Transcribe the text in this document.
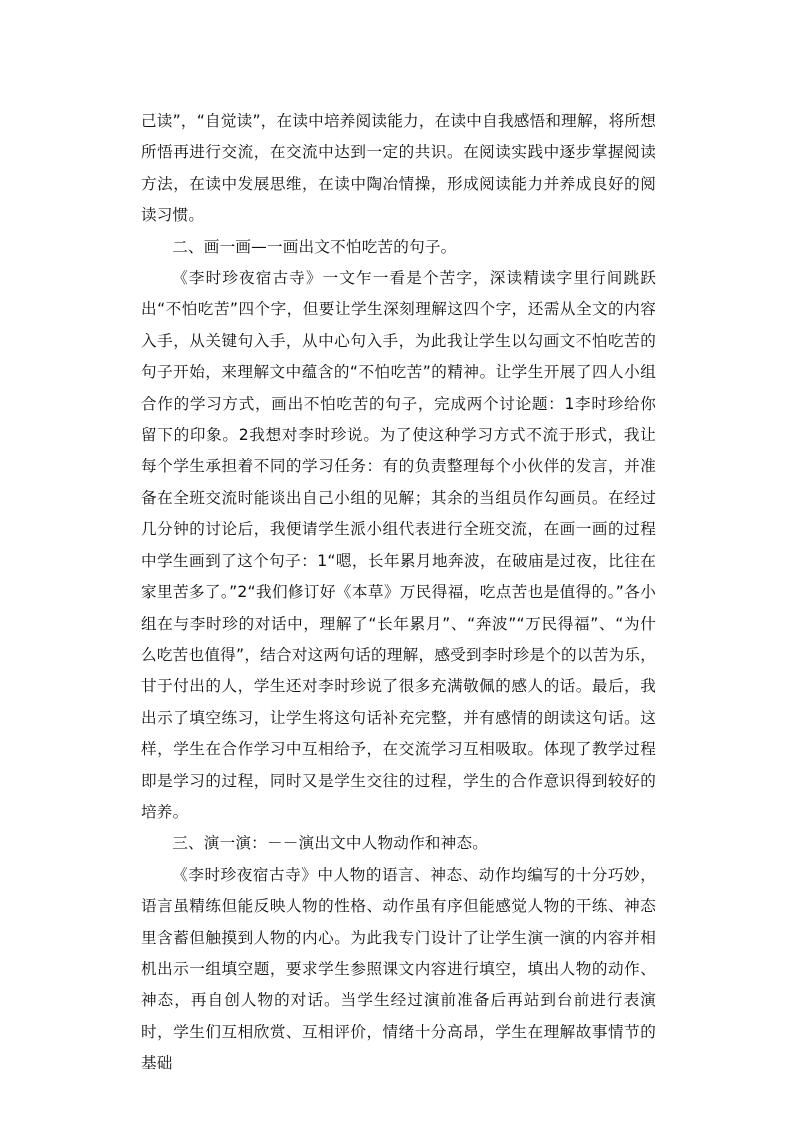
己读”，“自觉读”，在读中培养阅读能力，在读中自我感悟和理解，将所想所悟再进行交流，在交流中达到一定的共识。在阅读实践中逐步掌握阅读方法，在读中发展思维，在读中陶冶情操，形成阅读能力并养成良好的阅读习惯。

二、画一画—一画出文不怕吃苦的句子。

《李时珍夜宿古寺》一文乍一看是个苦字，深读精读字里行间跳跃出“不怕吃苦”四个字，但要让学生深刻理解这四个字，还需从全文的内容入手，从关键句入手，从中心句入手，为此我让学生以勾画文不怕吃苦的句子开始，来理解文中蕴含的“不怕吃苦”的精神。让学生开展了四人小组合作的学习方式，画出不怕吃苦的句子，完成两个讨论题：1李时珍给你留下的印象。2我想对李时珍说。为了使这种学习方式不流于形式，我让每个学生承担着不同的学习任务：有的负责整理每个小伙伴的发言，并准备在全班交流时能谈出自己小组的见解；其余的当组员作勾画员。在经过几分钟的讨论后，我便请学生派小组代表进行全班交流，在画一画的过程中学生画到了这个句子：1“嗯，长年累月地奔波，在破庙是过夜，比往在家里苦多了。”2“我们修订好《本草》万民得福，吃点苦也是值得的。”各小组在与李时珍的对话中，理解了“长年累月”、“奔波”“万民得福”、“为什么吃苦也值得”，结合对这两句话的理解，感受到李时珍是个的以苦为乐，甘于付出的人，学生还对李时珍说了很多充满敬佩的感人的话。最后，我出示了填空练习，让学生将这句话补充完整，并有感情的朗读这句话。这样，学生在合作学习中互相给予，在交流学习互相吸取。体现了教学过程即是学习的过程，同时又是学生交往的过程，学生的合作意识得到较好的培养。

三、演一演：－－演出文中人物动作和神态。

《李时珍夜宿古寺》中人物的语言、神态、动作均编写的十分巧妙，语言虽精练但能反映人物的性格、动作虽有序但能感觉人物的干练、神态里含蓄但触摸到人物的内心。为此我专门设计了让学生演一演的内容并相机出示一组填空题，要求学生参照课文内容进行填空，填出人物的动作、神态，再自创人物的对话。当学生经过演前准备后再站到台前进行表演时，学生们互相欣赏、互相评价，情绪十分高昂，学生在理解故事情节的基础
